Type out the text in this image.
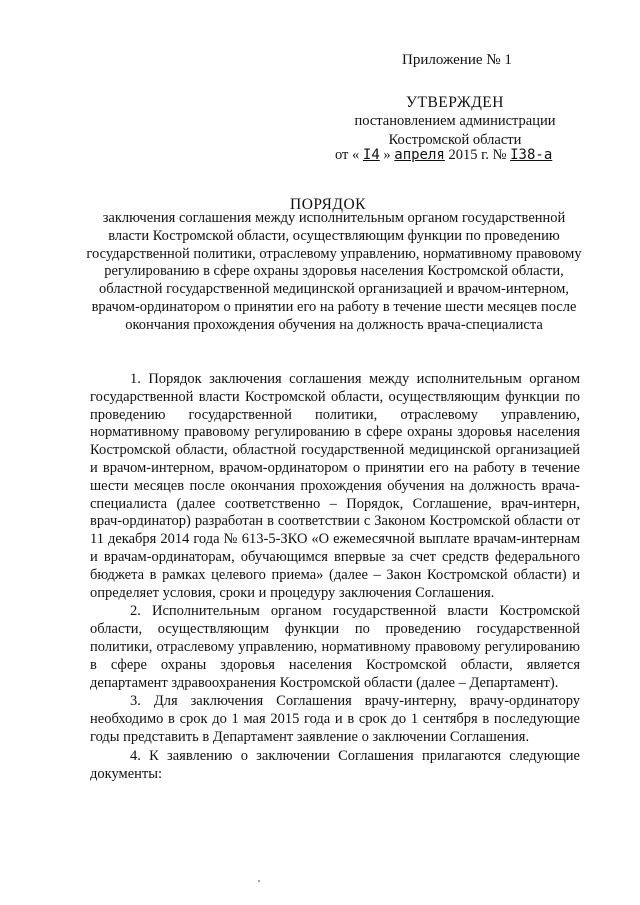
Приложение № 1
УТВЕРЖДЕН
постановлением администрации
Костромской области
от « I4 » апреля 2015 г. № I38-а
ПОРЯДОК
заключения соглашения между исполнительным органом государственной власти Костромской области, осуществляющим функции по проведению государственной политики, отраслевому управлению, нормативному правовому регулированию в сфере охраны здоровья населения Костромской области, областной государственной медицинской организацией и врачом-интерном, врачом-ординатором о принятии его на работу в течение шести месяцев после окончания прохождения обучения на должность врача-специалиста

1. Порядок заключения соглашения между исполнительным органом государственной власти Костромской области, осуществляющим функции по проведению государственной политики, отраслевому управлению, нормативному правовому регулированию в сфере охраны здоровья населения Костромской области, областной государственной медицинской организацией и врачом-интерном, врачом-ординатором о принятии его на работу в течение шести месяцев после окончания прохождения обучения на должность врача-специалиста (далее соответственно – Порядок, Соглашение, врач-интерн, врач-ординатор) разработан в соответствии с Законом Костромской области от 11 декабря 2014 года № 613-5-ЗКО «О ежемесячной выплате врачам-интернам и врачам-ординаторам, обучающимся впервые за счет средств федерального бюджета в рамках целевого приема» (далее – Закон Костромской области) и определяет условия, сроки и процедуру заключения Соглашения.

2. Исполнительным органом государственной власти Костромской области, осуществляющим функции по проведению государственной политики, отраслевому управлению, нормативному правовому регулированию в сфере охраны здоровья населения Костромской области, является департамент здравоохранения Костромской области (далее – Департамент).

3. Для заключения Соглашения врачу-интерну, врачу-ординатору необходимо в срок до 1 мая 2015 года и в срок до 1 сентября в последующие годы представить в Департамент заявление о заключении Соглашения.

4. К заявлению о заключении Соглашения прилагаются следующие документы:
